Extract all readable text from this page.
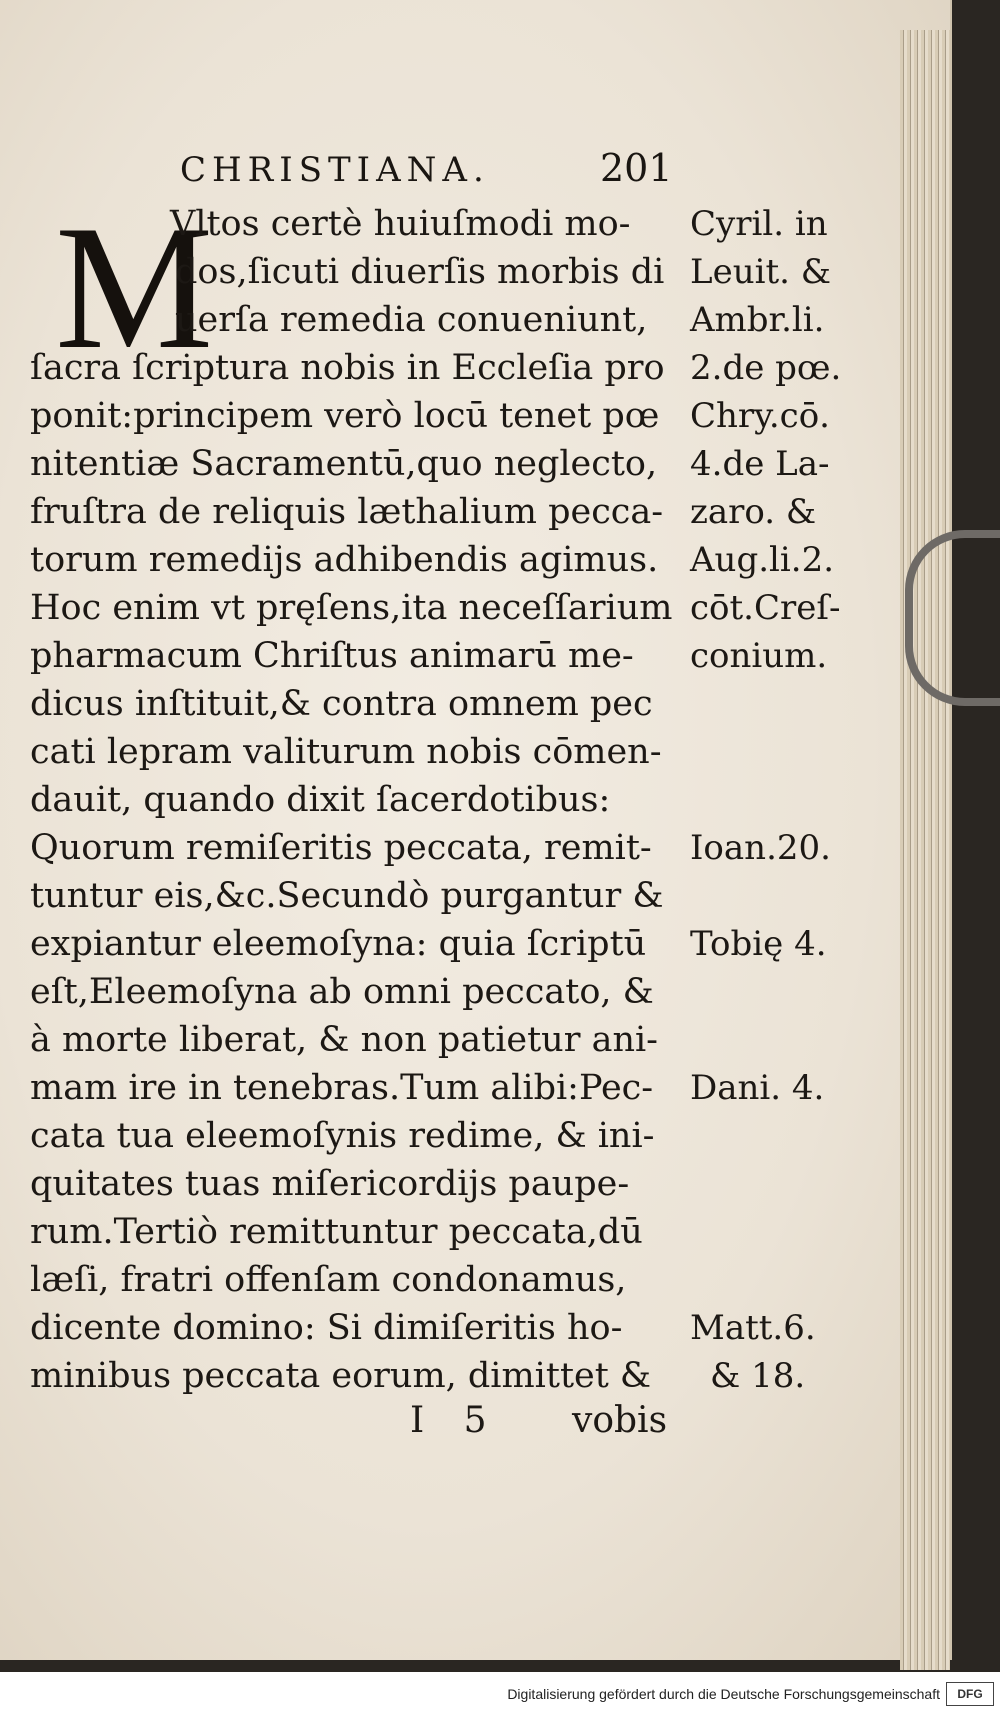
CHRISTIANA.	201
M
Vltos certè huiuſmodi mo-
dos,ſicuti diuerſis morbis di
uerſa remedia conueniunt,
ſacra ſcriptura nobis in Eccleſia pro
ponit:principem verò locū tenet pœ
nitentiæ Sacramentū,quo neglecto,
fruſtra de reliquis læthalium pecca-
torum remedijs adhibendis agimus.
Hoc enim vt pręſens,ita neceſſarium
pharmacum Chriſtus animarū me-
dicus inſtituit,& contra omnem pec
cati lepram valiturum nobis cōmen-
dauit, quando dixit ſacerdotibus:
Quorum remiſeritis peccata, remit-
tuntur eis,&c.Secundò purgantur &
expiantur eleemoſyna: quia ſcriptū
eſt,Eleemoſyna ab omni peccato, &
à morte liberat, & non patietur ani-
mam ire in tenebras.Tum alibi:Pec-
cata tua eleemoſynis redime, & ini-
quitates tuas miſericordijs paupe-
rum.Tertiò remittuntur peccata,dū
læſi, fratri offenſam condonamus,
dicente domino: Si dimiſeritis ho-
minibus peccata eorum, dimittet &
Cyril. in
Leuit. &
Ambr.li.
2.de pœ.
Chry.cō.
4.de La-
zaro. &
Aug.li.2.
cōt.Creſ-
conium.
Ioan.20.
Tobię 4.
Dani. 4.
Matt.6.
& 18.
I 5 vobis
Digitalisierung gefördert durch die Deutsche Forschungsgemeinschaft	DFG
